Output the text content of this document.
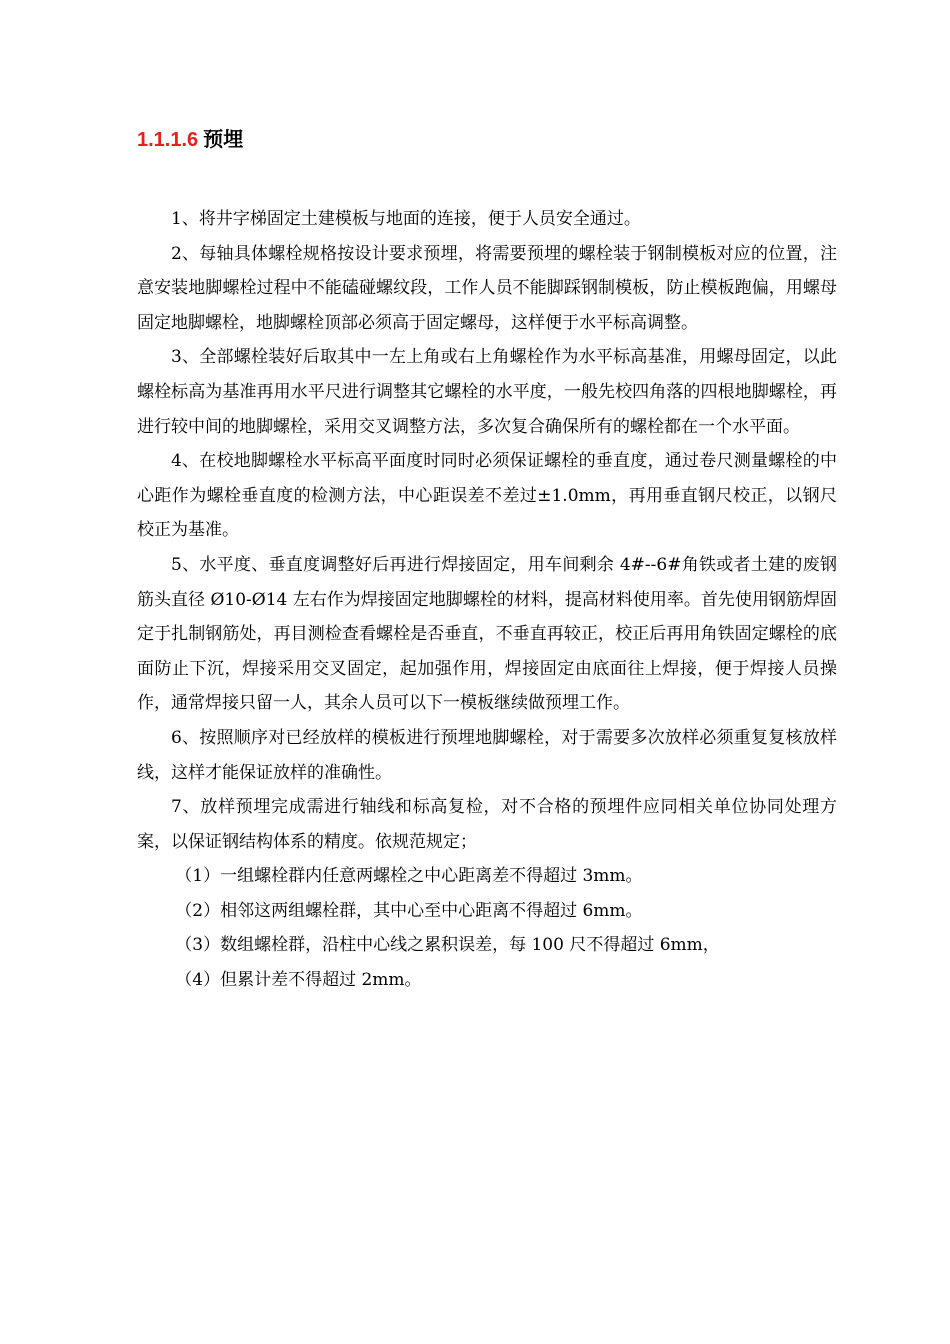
1.1.1.6 预埋

1、将井字梯固定土建模板与地面的连接，便于人员安全通过。

2、每轴具体螺栓规格按设计要求预埋，将需要预埋的螺栓装于钢制模板对应的位置，注意安装地脚螺栓过程中不能磕碰螺纹段，工作人员不能脚踩钢制模板，防止模板跑偏，用螺母固定地脚螺栓，地脚螺栓顶部必须高于固定螺母，这样便于水平标高调整。

3、全部螺栓装好后取其中一左上角或右上角螺栓作为水平标高基准，用螺母固定，以此螺栓标高为基准再用水平尺进行调整其它螺栓的水平度，一般先校四角落的四根地脚螺栓，再进行较中间的地脚螺栓，采用交叉调整方法，多次复合确保所有的螺栓都在一个水平面。

4、在校地脚螺栓水平标高平面度时同时必须保证螺栓的垂直度，通过卷尺测量螺栓的中心距作为螺栓垂直度的检测方法，中心距误差不差过±1.0mm，再用垂直钢尺校正，以钢尺校正为基准。

5、水平度、垂直度调整好后再进行焊接固定，用车间剩余 4#--6#角铁或者土建的废钢筋头直径 Ø10-Ø14 左右作为焊接固定地脚螺栓的材料，提高材料使用率。首先使用钢筋焊固定于扎制钢筋处，再目测检查看螺栓是否垂直，不垂直再较正，校正后再用角铁固定螺栓的底面防止下沉，焊接采用交叉固定，起加强作用，焊接固定由底面往上焊接，便于焊接人员操作，通常焊接只留一人，其余人员可以下一模板继续做预埋工作。

6、按照顺序对已经放样的模板进行预埋地脚螺栓，对于需要多次放样必须重复复核放样线，这样才能保证放样的准确性。

7、放样预埋完成需进行轴线和标高复检，对不合格的预埋件应同相关单位协同处理方案，以保证钢结构体系的精度。依规范规定；

（1）一组螺栓群内任意两螺栓之中心距离差不得超过 3mm。

（2）相邻这两组螺栓群，其中心至中心距离不得超过 6mm。

（3）数组螺栓群，沿柱中心线之累积误差，每 100 尺不得超过 6mm，

（4）但累计差不得超过 2mm。
